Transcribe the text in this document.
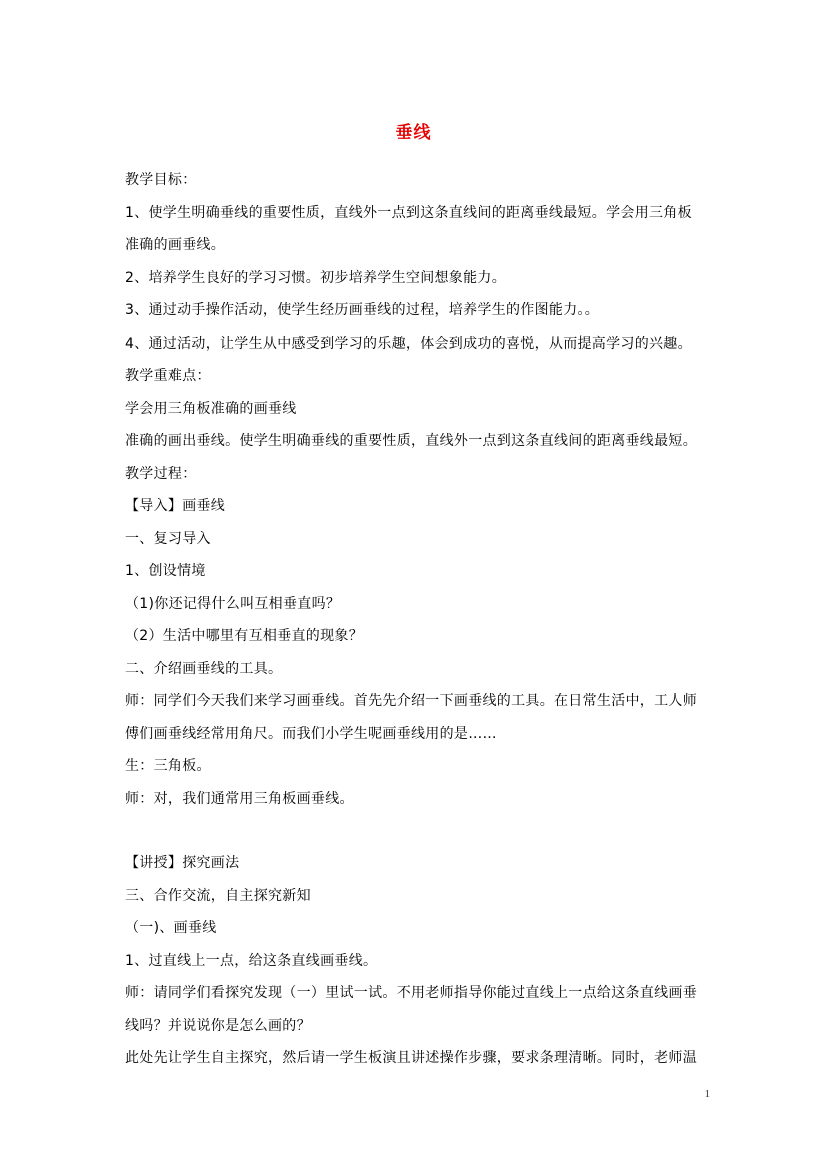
垂线
教学目标：
1、使学生明确垂线的重要性质，直线外一点到这条直线间的距离垂线最短。学会用三角板
准确的画垂线。
2、培养学生良好的学习习惯。初步培养学生空间想象能力。
3、通过动手操作活动，使学生经历画垂线的过程，培养学生的作图能力。。
4、通过活动，让学生从中感受到学习的乐趣，体会到成功的喜悦，从而提高学习的兴趣。
教学重难点：
学会用三角板准确的画垂线
准确的画出垂线。使学生明确垂线的重要性质，直线外一点到这条直线间的距离垂线最短。
教学过程：
【导入】画垂线
一、复习导入
1、创设情境
（1)你还记得什么叫互相垂直吗？
（2）生活中哪里有互相垂直的现象？
二、介绍画垂线的工具。
师：同学们今天我们来学习画垂线。首先先介绍一下画垂线的工具。在日常生活中，工人师
傅们画垂线经常用角尺。而我们小学生呢画垂线用的是……
生：三角板。
师：对，我们通常用三角板画垂线。
【讲授】探究画法
三、合作交流，自主探究新知
（一)、画垂线
1、过直线上一点，给这条直线画垂线。
师：请同学们看探究发现（一）里试一试。不用老师指导你能过直线上一点给这条直线画垂
线吗？并说说你是怎么画的？
此处先让学生自主探究，然后请一学生板演且讲述操作步骤，要求条理清晰。同时，老师温
1
